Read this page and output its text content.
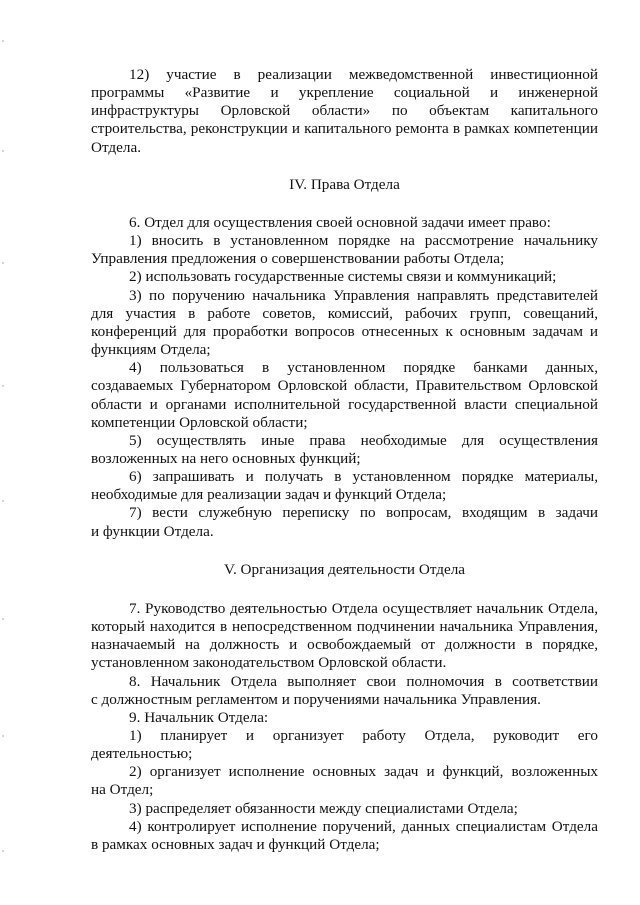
12) участие в реализации межведомственной инвестиционной

программы «Развитие и укрепление социальной и инженерной

инфраструктуры Орловской области» по объектам капитального

строительства, реконструкции и капитального ремонта в рамках компетенции

Отдела.

IV. Права Отдела

6. Отдел для осуществления своей основной задачи имеет право:

1) вносить в установленном порядке на рассмотрение начальнику

Управления предложения о совершенствовании работы Отдела;

2) использовать государственные системы связи и коммуникаций;

3) по поручению начальника Управления направлять представителей

для участия в работе советов, комиссий, рабочих групп, совещаний,

конференций для проработки вопросов отнесенных к основным задачам и

функциям Отдела;

4) пользоваться в установленном порядке банками данных,

создаваемых Губернатором Орловской области, Правительством Орловской

области и органами исполнительной государственной власти специальной

компетенции Орловской области;

5) осуществлять иные права необходимые для осуществления

возложенных на него основных функций;

6) запрашивать и получать в установленном порядке материалы,

необходимые для реализации задач и функций Отдела;

7) вести служебную переписку по вопросам, входящим в задачи

и функции Отдела.

V. Организация деятельности Отдела

7. Руководство деятельностью Отдела осуществляет начальник Отдела,

который находится в непосредственном подчинении начальника Управления,

назначаемый на должность и освобождаемый от должности в порядке,

установленном законодательством Орловской области.

8. Начальник Отдела выполняет свои полномочия в соответствии

с должностным регламентом и поручениями начальника Управления.

9. Начальник Отдела:

1) планирует и организует работу Отдела, руководит его

деятельностью;

2) организует исполнение основных задач и функций, возложенных

на Отдел;

3) распределяет обязанности между специалистами Отдела;

4) контролирует исполнение поручений, данных специалистам Отдела

в рамках основных задач и функций Отдела;
